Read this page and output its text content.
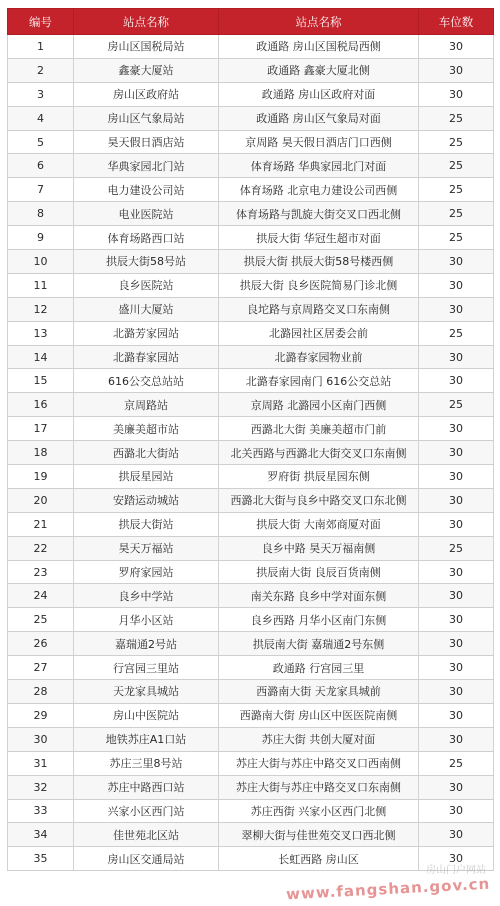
编号	站点名称	站点名称	车位数
1	房山区国税局站	政通路 房山区国税局西侧	30
2	鑫豪大厦站	政通路 鑫豪大厦北侧	30
3	房山区政府站	政通路 房山区政府对面	30
4	房山区气象局站	政通路 房山区气象局对面	25
5	昊天假日酒店站	京周路 昊天假日酒店门口西侧	25
6	华典家园北门站	体育场路 华典家园北门对面	25
7	电力建设公司站	体育场路 北京电力建设公司西侧	25
8	电业医院站	体育场路与凯旋大街交叉口西北侧	25
9	体育场路西口站	拱辰大街 华冠生超市对面	25
10	拱辰大街58号站	拱辰大街 拱辰大街58号楼西侧	30
11	良乡医院站	拱辰大街 良乡医院简易门诊北侧	30
12	盛川大厦站	良坨路与京周路交叉口东南侧	30
13	北潞芳家园站	北潞园社区居委会前	25
14	北潞春家园站	北潞春家园物业前	30
15	616公交总站站	北潞春家园南门 616公交总站	30
16	京周路站	京周路 北潞园小区南门西侧	25
17	美廉美超市站	西潞北大街 美廉美超市门前	30
18	西潞北大街站	北关西路与西潞北大街交叉口东南侧	30
19	拱辰星园站	罗府街 拱辰星园东侧	30
20	安踏运动城站	西潞北大街与良乡中路交叉口东北侧	30
21	拱辰大街站	拱辰大街 大南郊商厦对面	30
22	昊天万福站	良乡中路 昊天万福南侧	25
23	罗府家园站	拱辰南大街 良辰百货南侧	30
24	良乡中学站	南关东路 良乡中学对面东侧	30
25	月华小区站	良乡西路 月华小区南门东侧	30
26	嘉瑞通2号站	拱辰南大街 嘉瑞通2号东侧	30
27	行宫园三里站	政通路 行宫园三里	30
28	天龙家具城站	西潞南大街 天龙家具城前	30
29	房山中医院站	西潞南大街 房山区中医医院南侧	30
30	地铁苏庄A1口站	苏庄大街 共创大厦对面	30
31	苏庄三里8号站	苏庄大街与苏庄中路交叉口西南侧	25
32	苏庄中路西口站	苏庄大街与苏庄中路交叉口东南侧	30
33	兴家小区西门站	苏庄西街 兴家小区西门北侧	30
34	佳世苑北区站	翠柳大街与佳世苑交叉口西北侧	30
35	房山区交通局站	长虹西路 房山区	30
房山门户网站
www.fangshan.gov.cn
